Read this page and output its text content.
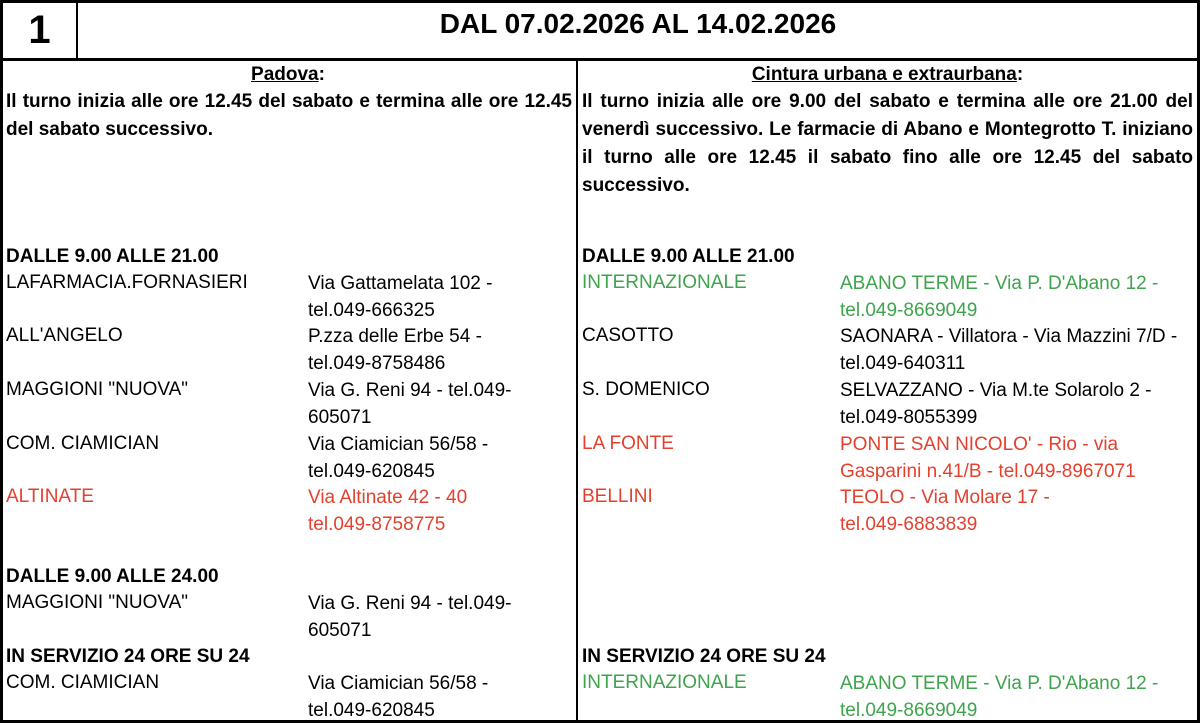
1	DAL 07.02.2026 AL 14.02.2026
Padova:
Il turno inizia alle ore 12.45 del sabato e termina alle ore 12.45 del sabato successivo.
DALLE 9.00 ALLE 21.00
LAFARMACIA.FORNASIERI	Via Gattamelata 102 - tel.049-666325
ALL'ANGELO	P.zza delle Erbe 54 - tel.049-8758486
MAGGIONI "NUOVA"	Via G. Reni 94 - tel.049-605071
COM. CIAMICIAN	Via Ciamician 56/58 - tel.049-620845
ALTINATE	Via Altinate 42 - 40 tel.049-8758775
DALLE 9.00 ALLE 24.00
MAGGIONI "NUOVA"	Via G. Reni 94 - tel.049-605071
IN SERVIZIO 24 ORE SU 24
COM. CIAMICIAN	Via Ciamician 56/58 - tel.049-620845
Cintura urbana e extraurbana:
Il turno inizia alle ore 9.00 del sabato e termina alle ore 21.00 del venerdì successivo. Le farmacie di Abano e Montegrotto T. iniziano il turno alle ore 12.45 il sabato fino alle ore 12.45 del sabato successivo.
DALLE 9.00 ALLE 21.00
INTERNAZIONALE	ABANO TERME - Via P. D'Abano 12 - tel.049-8669049
CASOTTO	SAONARA - Villatora - Via Mazzini 7/D - tel.049-640311
S. DOMENICO	SELVAZZANO - Via M.te Solarolo 2 - tel.049-8055399
LA FONTE	PONTE SAN NICOLO' - Rio - via Gasparini n.41/B - tel.049-8967071
BELLINI	TEOLO - Via Molare 17 - tel.049-6883839
IN SERVIZIO 24 ORE SU 24
INTERNAZIONALE	ABANO TERME - Via P. D'Abano 12 - tel.049-8669049
